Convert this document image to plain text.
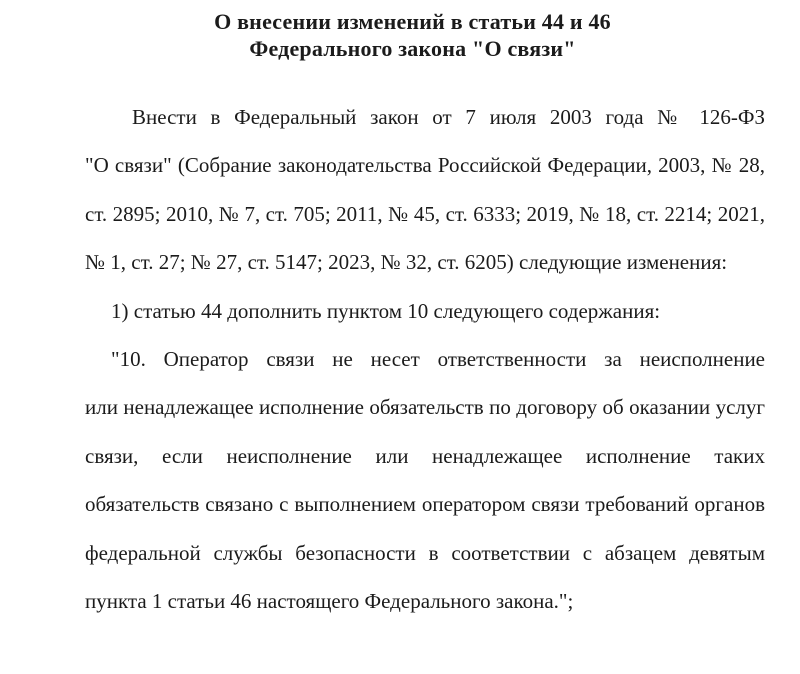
О внесении изменений в статьи 44 и 46
Федерального закона "О связи"
Внести в Федеральный закон от 7 июля 2003 года № 126-ФЗ
"О связи" (Собрание законодательства Российской Федерации, 2003, № 28,
ст. 2895; 2010, № 7, ст. 705; 2011, № 45, ст. 6333; 2019, № 18, ст. 2214; 2021,
№ 1, ст. 27; № 27, ст. 5147; 2023, № 32, ст. 6205) следующие изменения:
1) статью 44 дополнить пунктом 10 следующего содержания:
"10. Оператор связи не несет ответственности за неисполнение
или ненадлежащее исполнение обязательств по договору об оказании услуг
связи, если неисполнение или ненадлежащее исполнение таких
обязательств связано с выполнением оператором связи требований органов
федеральной службы безопасности в соответствии с абзацем девятым
пункта 1 статьи 46 настоящего Федерального закона.";
